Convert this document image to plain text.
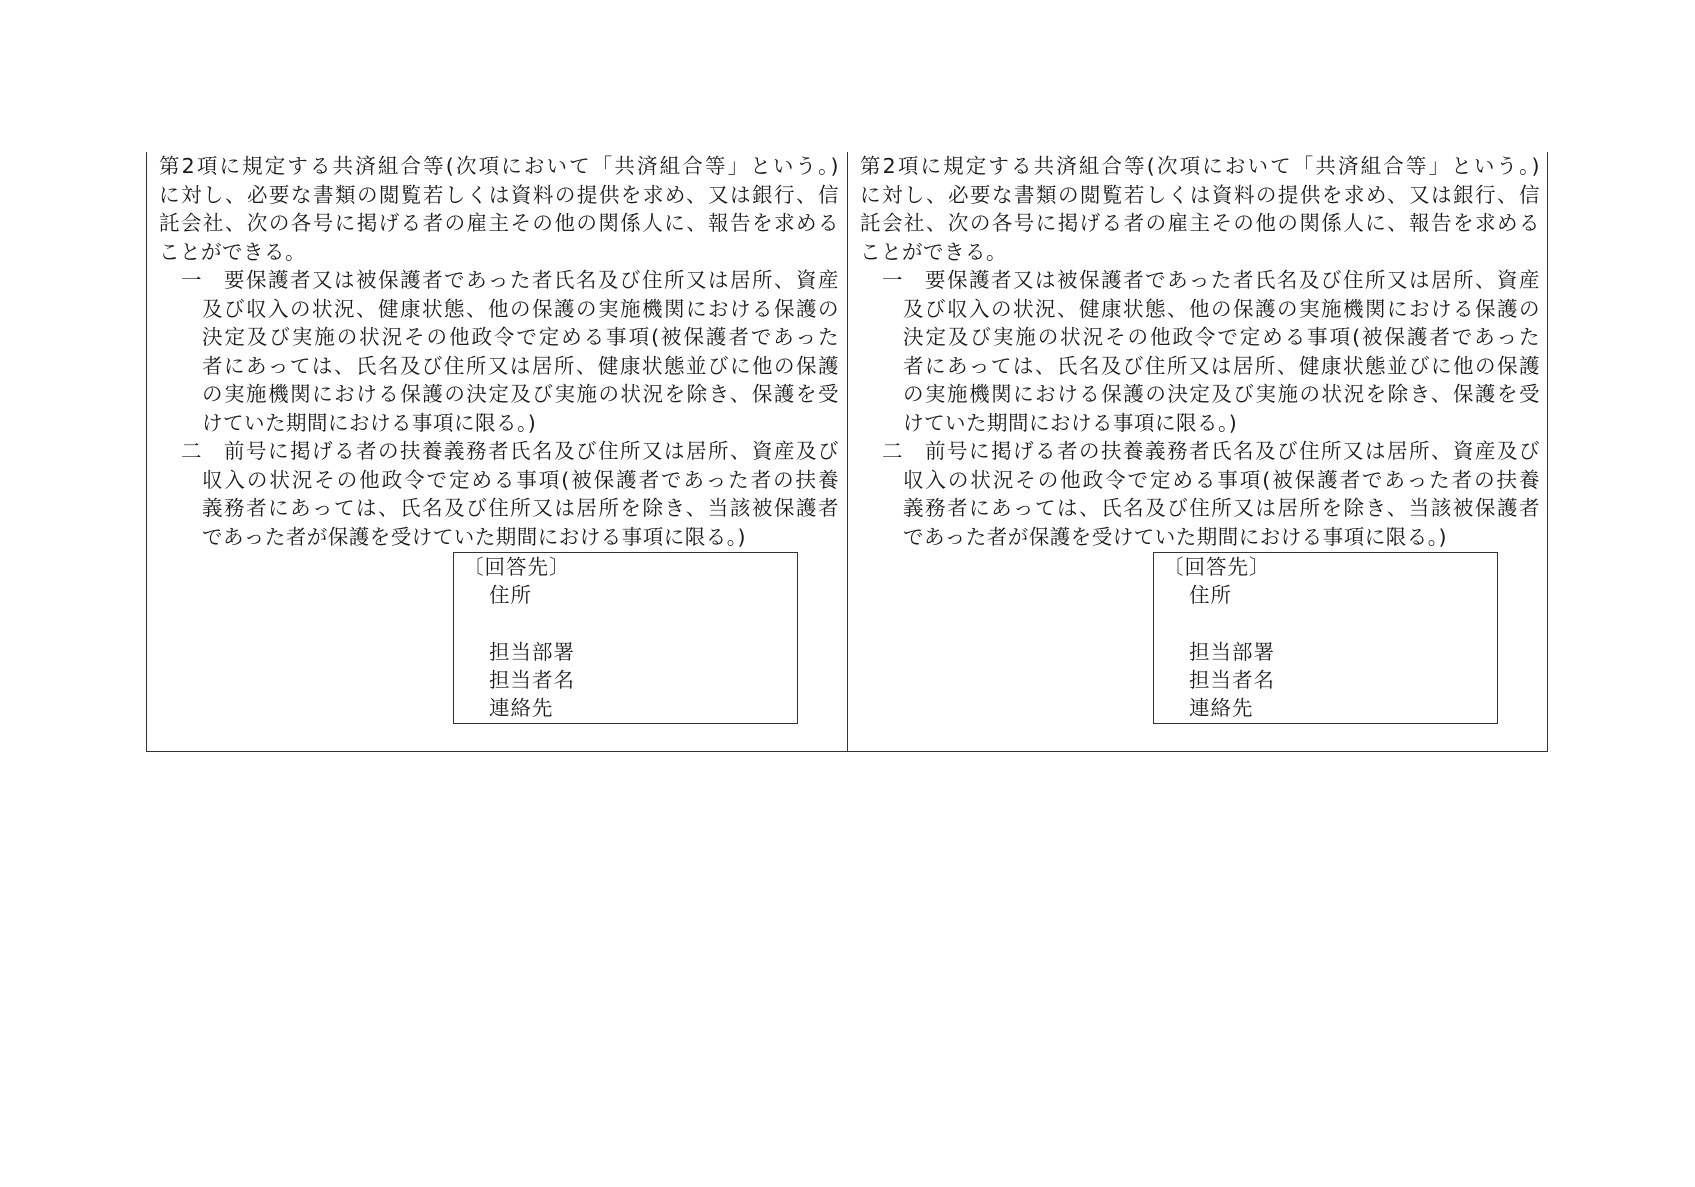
第2項に規定する共済組合等(次項において「共済組合等」という。)
に対し、必要な書類の閲覧若しくは資料の提供を求め、又は銀行、信
託会社、次の各号に掲げる者の雇主その他の関係人に、報告を求める
ことができる。
一 要保護者又は被保護者であった者氏名及び住所又は居所、資産
及び収入の状況、健康状態、他の保護の実施機関における保護の
決定及び実施の状況その他政令で定める事項(被保護者であった
者にあっては、氏名及び住所又は居所、健康状態並びに他の保護
の実施機関における保護の決定及び実施の状況を除き、保護を受
けていた期間における事項に限る。)
二 前号に掲げる者の扶養義務者氏名及び住所又は居所、資産及び
収入の状況その他政令で定める事項(被保護者であった者の扶養
義務者にあっては、氏名及び住所又は居所を除き、当該被保護者
であった者が保護を受けていた期間における事項に限る。)
〔回答先〕
住所
担当部署
担当者名
連絡先
第2項に規定する共済組合等(次項において「共済組合等」という。)
に対し、必要な書類の閲覧若しくは資料の提供を求め、又は銀行、信
託会社、次の各号に掲げる者の雇主その他の関係人に、報告を求める
ことができる。
一 要保護者又は被保護者であった者氏名及び住所又は居所、資産
及び収入の状況、健康状態、他の保護の実施機関における保護の
決定及び実施の状況その他政令で定める事項(被保護者であった
者にあっては、氏名及び住所又は居所、健康状態並びに他の保護
の実施機関における保護の決定及び実施の状況を除き、保護を受
けていた期間における事項に限る。)
二 前号に掲げる者の扶養義務者氏名及び住所又は居所、資産及び
収入の状況その他政令で定める事項(被保護者であった者の扶養
義務者にあっては、氏名及び住所又は居所を除き、当該被保護者
であった者が保護を受けていた期間における事項に限る。)
〔回答先〕
住所
担当部署
担当者名
連絡先
